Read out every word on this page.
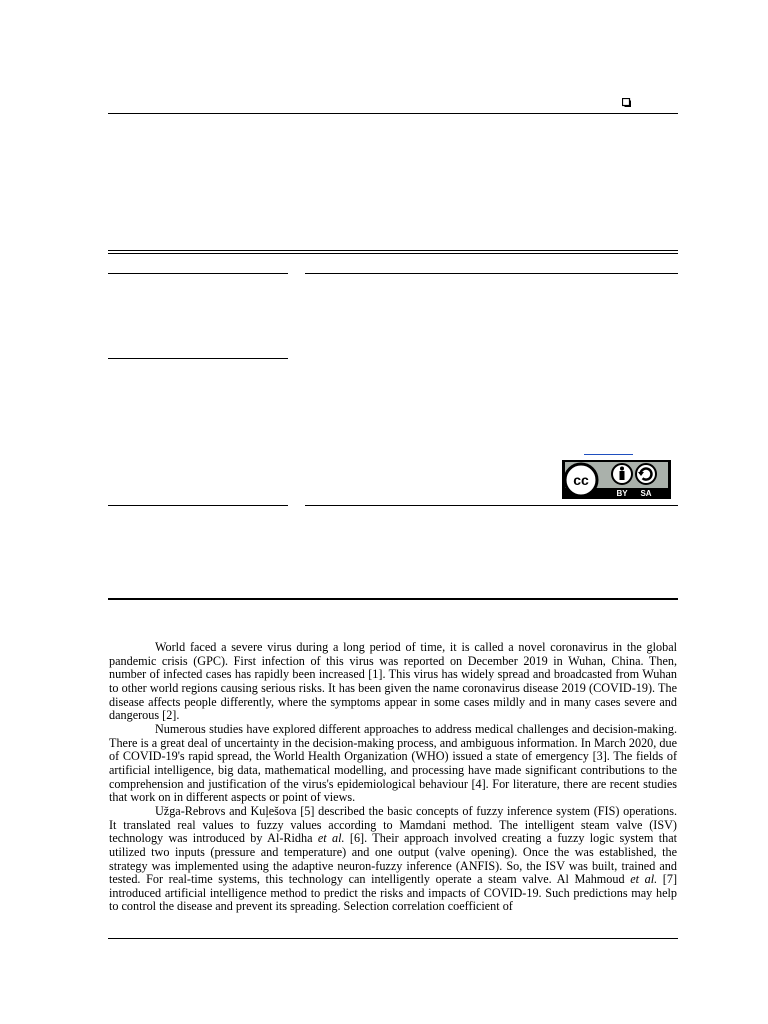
cc
BY SA

World faced a severe virus during a long period of time, it is called a novel coronavirus in the global pandemic crisis (GPC). First infection of this virus was reported on December 2019 in Wuhan, China. Then, number of infected cases has rapidly been increased [1]. This virus has widely spread and broadcasted from Wuhan to other world regions causing serious risks. It has been given the name coronavirus disease 2019 (COVID-19). The disease affects people differently, where the symptoms appear in some cases mildly and in many cases severe and dangerous [2].

Numerous studies have explored different approaches to address medical challenges and decision-making. There is a great deal of uncertainty in the decision-making process, and ambiguous information. In March 2020, due of COVID-19's rapid spread, the World Health Organization (WHO) issued a state of emergency [3]. The fields of artificial intelligence, big data, mathematical modelling, and processing have made significant contributions to the comprehension and justification of the virus's epidemiological behaviour [4]. For literature, there are recent studies that work on in different aspects or point of views.

Užga-Rebrovs and Kuļešova [5] described the basic concepts of fuzzy inference system (FIS) operations. It translated real values to fuzzy values according to Mamdani method. The intelligent steam valve (ISV) technology was introduced by Al-Ridha et al. [6]. Their approach involved creating a fuzzy logic system that utilized two inputs (pressure and temperature) and one output (valve opening). Once the was established, the strategy was implemented using the adaptive neuron-fuzzy inference (ANFIS). So, the ISV was built, trained and tested. For real-time systems, this technology can intelligently operate a steam valve. Al Mahmoud et al. [7] introduced artificial intelligence method to predict the risks and impacts of COVID-19. Such predictions may help to control the disease and prevent its spreading. Selection correlation coefficient of
